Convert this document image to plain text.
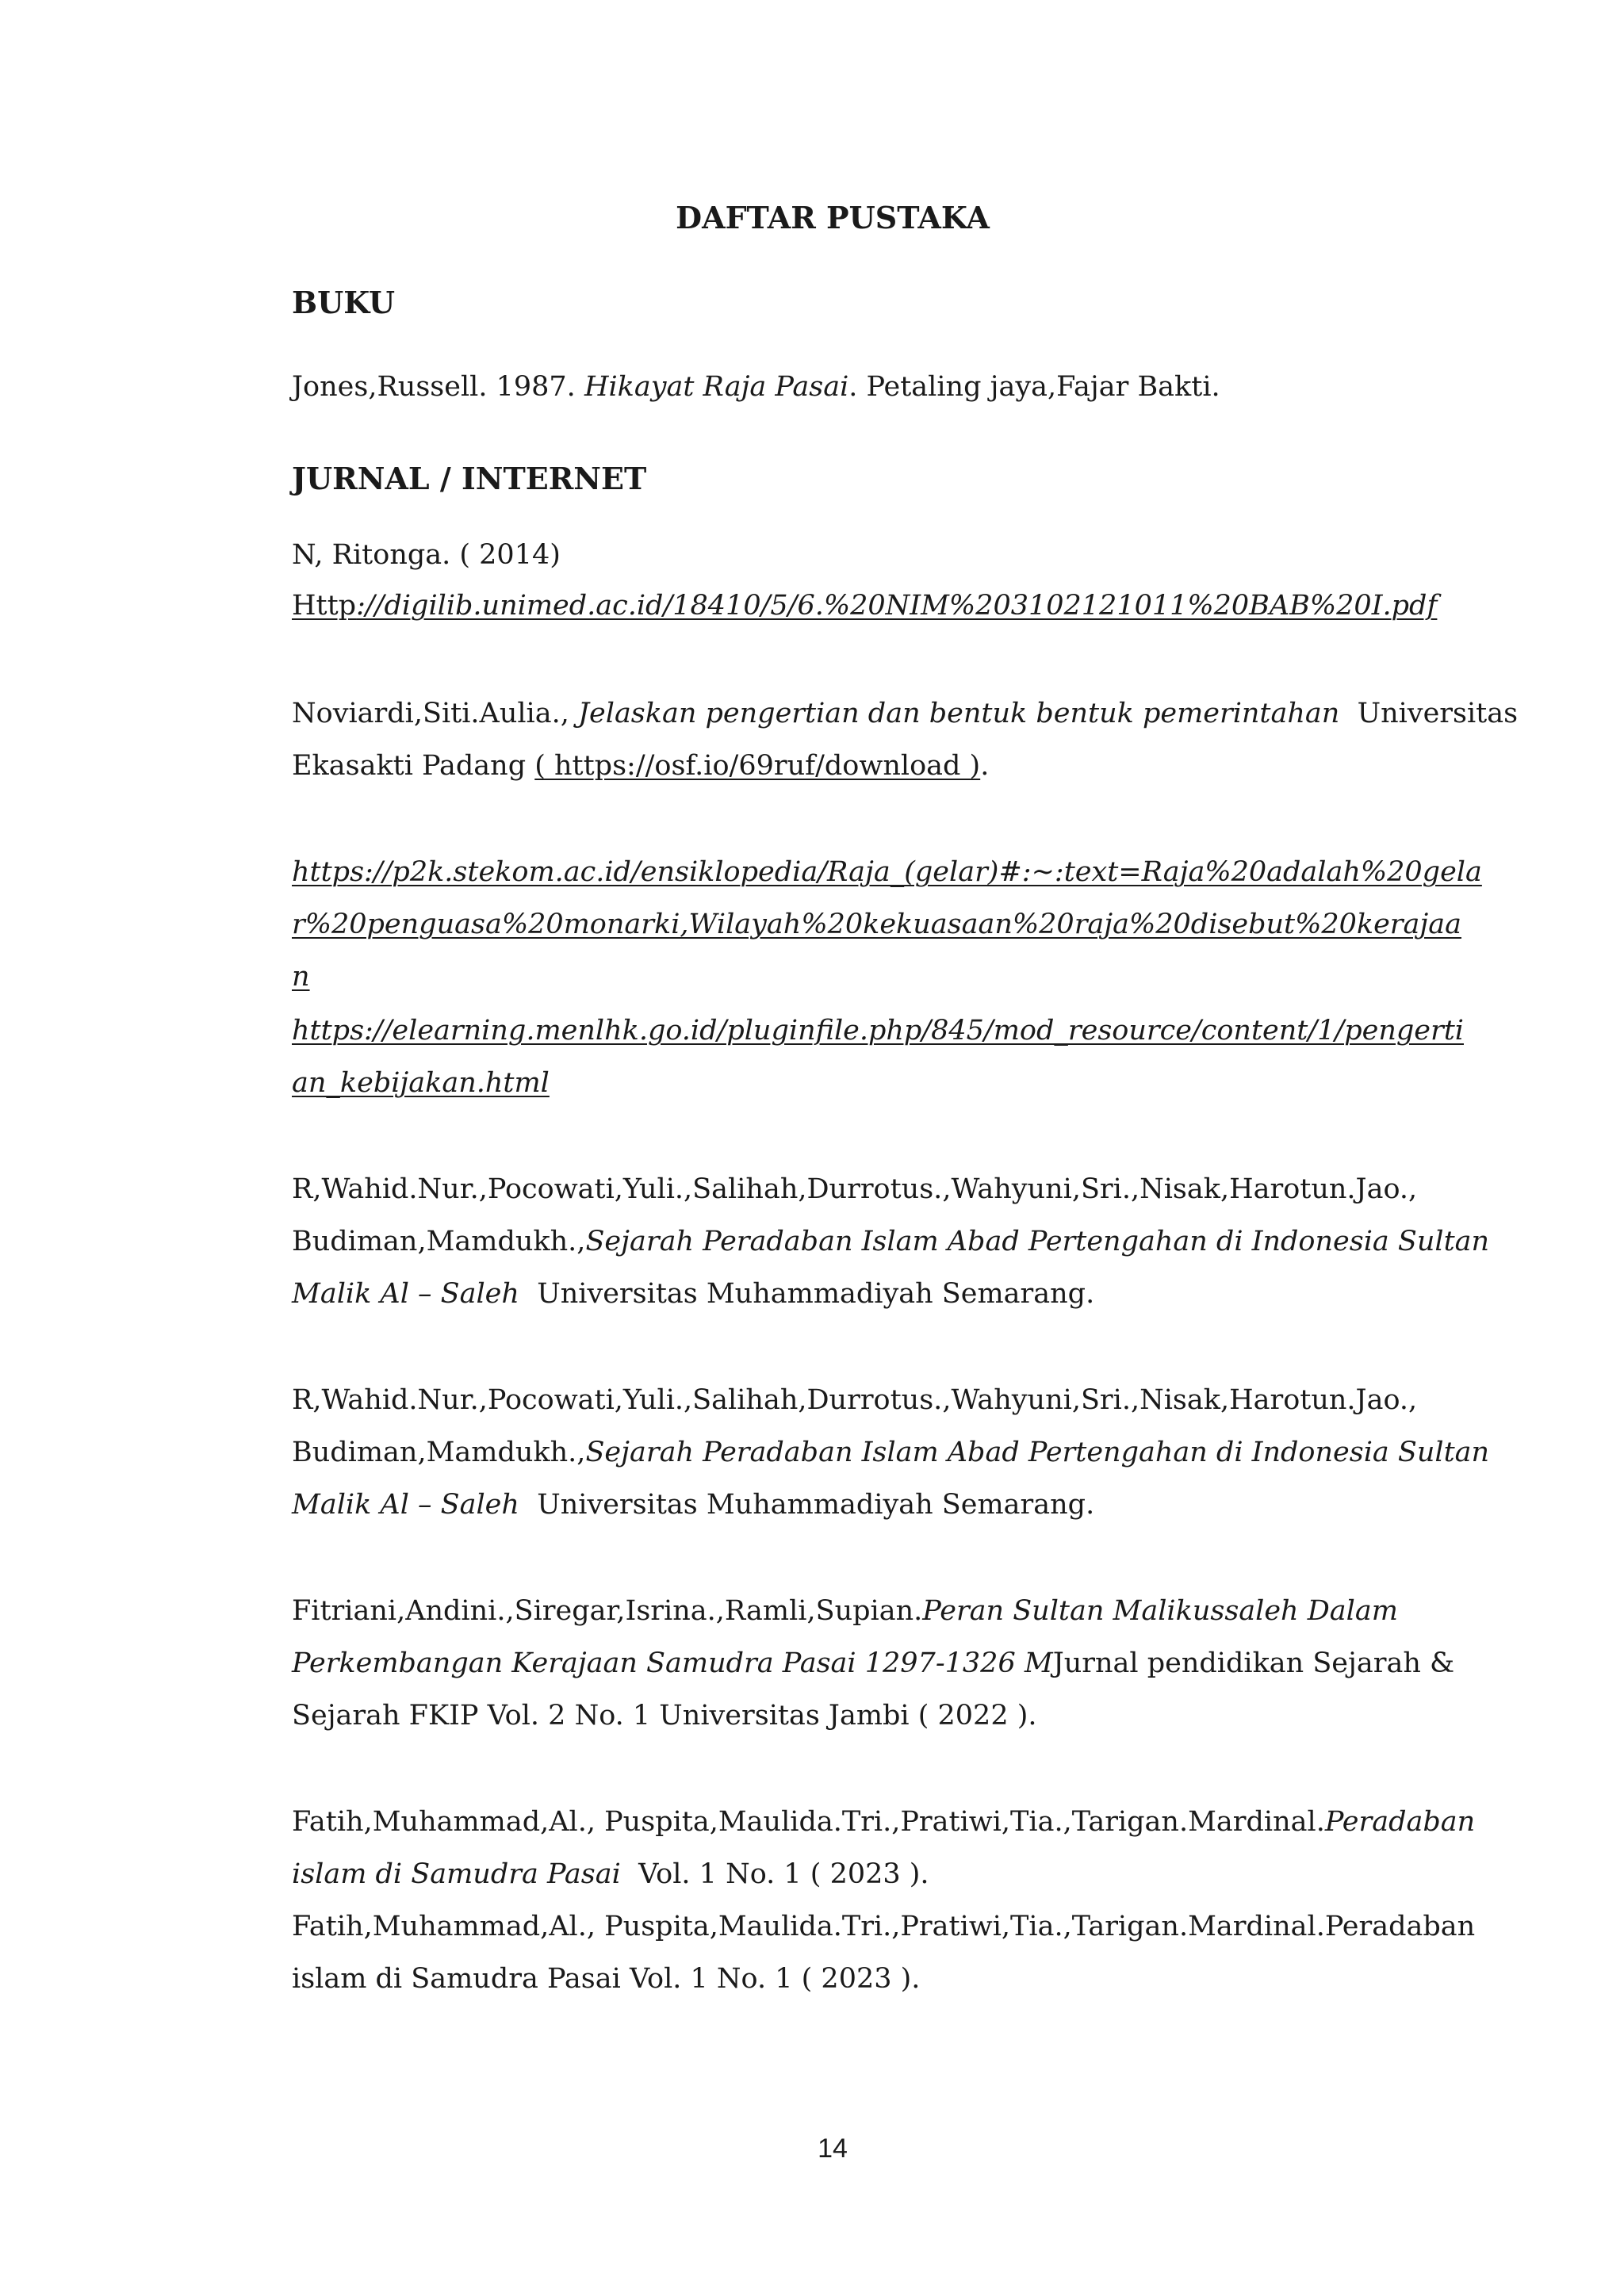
DAFTAR PUSTAKA
BUKU
Jones,Russell. 1987. Hikayat Raja Pasai. Petaling jaya,Fajar Bakti.
JURNAL / INTERNET
N, Ritonga. ( 2014)
Http://digilib.unimed.ac.id/18410/5/6.%20NIM%203102121011%20BAB%20I.pdf
Noviardi,Siti.Aulia., Jelaskan pengertian dan bentuk bentuk pemerintahan Universitas
Ekasakti Padang ( https://osf.io/69ruf/download ).
https://p2k.stekom.ac.id/ensiklopedia/Raja_(gelar)#:~:text=Raja%20adalah%20gela
r%20penguasa%20monarki,Wilayah%20kekuasaan%20raja%20disebut%20kerajaa
n
https://elearning.menlhk.go.id/pluginfile.php/845/mod_resource/content/1/pengerti
an_kebijakan.html
R,Wahid.Nur.,Pocowati,Yuli.,Salihah,Durrotus.,Wahyuni,Sri.,Nisak,Harotun.Jao.,
Budiman,Mamdukh., Sejarah Peradaban Islam Abad Pertengahan di Indonesia Sultan
Malik Al – Saleh Universitas Muhammadiyah Semarang.
R,Wahid.Nur.,Pocowati,Yuli.,Salihah,Durrotus.,Wahyuni,Sri.,Nisak,Harotun.Jao.,
Budiman,Mamdukh., Sejarah Peradaban Islam Abad Pertengahan di Indonesia Sultan
Malik Al – Saleh Universitas Muhammadiyah Semarang.
Fitriani,Andini.,Siregar,Isrina.,Ramli,Supian. Peran Sultan Malikussaleh Dalam
Perkembangan Kerajaan Samudra Pasai 1297-1326 M Jurnal pendidikan Sejarah &
Sejarah FKIP Vol. 2 No. 1 Universitas Jambi ( 2022 ).
Fatih,Muhammad,Al., Puspita,Maulida.Tri.,Pratiwi,Tia.,Tarigan.Mardinal. Peradaban
islam di Samudra Pasai Vol. 1 No. 1 ( 2023 ).
Fatih,Muhammad,Al., Puspita,Maulida.Tri.,Pratiwi,Tia.,Tarigan.Mardinal. Peradaban
islam di Samudra Pasai Vol. 1 No. 1 ( 2023 ).
14
